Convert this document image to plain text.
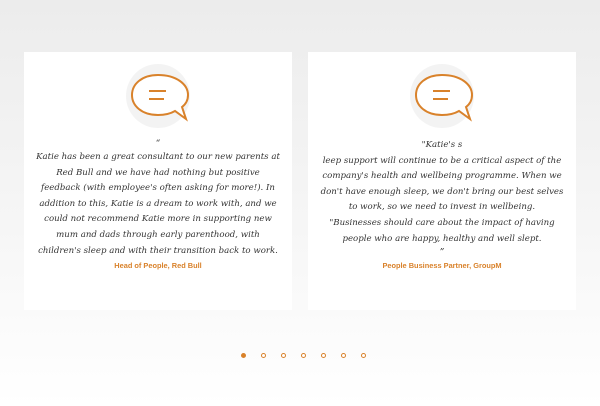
“

Katie has been a great consultant to our new parents at Red Bull and we have had nothing but positive feedback (with employee's often asking for more!). In addition to this, Katie is a dream to work with, and we could not recommend Katie more in supporting new mum and dads through early parenthood, with children's sleep and with their transition back to work.

Head of People, Red Bull

"Katie's s

leep support will continue to be a critical aspect of the company's health and wellbeing programme. When we don't have enough sleep, we don't bring our best selves to work, so we need to invest in wellbeing.

"Businesses should care about the impact of having people who are happy, healthy and well slept.

”

People Business Partner, GroupM
